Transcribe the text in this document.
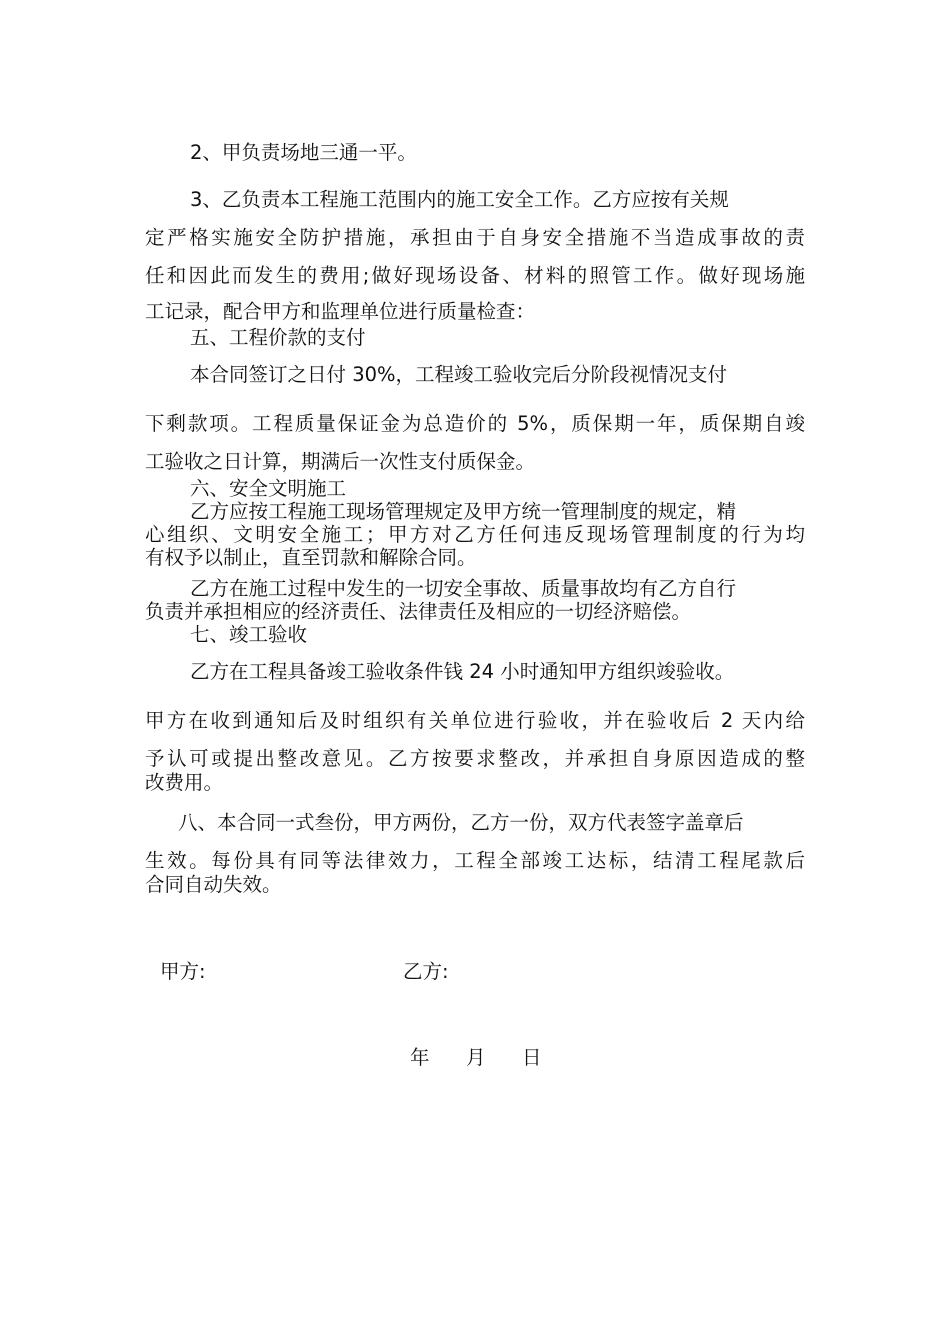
2、甲负责场地三通一平。
3、乙负责本工程施工范围内的施工安全工作。乙方应按有关规
定严格实施安全防护措施，承担由于自身安全措施不当造成事故的责
任和因此而发生的费用;做好现场设备、材料的照管工作。做好现场施
工记录，配合甲方和监理单位进行质量检查：
五、工程价款的支付
本合同签订之日付 30%，工程竣工验收完后分阶段视情况支付
下剩款项。工程质量保证金为总造价的 5%，质保期一年，质保期自竣
工验收之日计算，期满后一次性支付质保金。
六、安全文明施工
乙方应按工程施工现场管理规定及甲方统一管理制度的规定，精
心组织、文明安全施工；甲方对乙方任何违反现场管理制度的行为均
有权予以制止，直至罚款和解除合同。
乙方在施工过程中发生的一切安全事故、质量事故均有乙方自行
负责并承担相应的经济责任、法律责任及相应的一切经济赔偿。
七、竣工验收
乙方在工程具备竣工验收条件钱 24 小时通知甲方组织竣验收。
甲方在收到通知后及时组织有关单位进行验收，并在验收后 2 天内给
予认可或提出整改意见。乙方按要求整改，并承担自身原因造成的整
改费用。
八、本合同一式叁份，甲方两份，乙方一份，双方代表签字盖章后
生效。每份具有同等法律效力，工程全部竣工达标，结清工程尾款后
合同自动失效。
甲方:	乙方:
年 月 日
